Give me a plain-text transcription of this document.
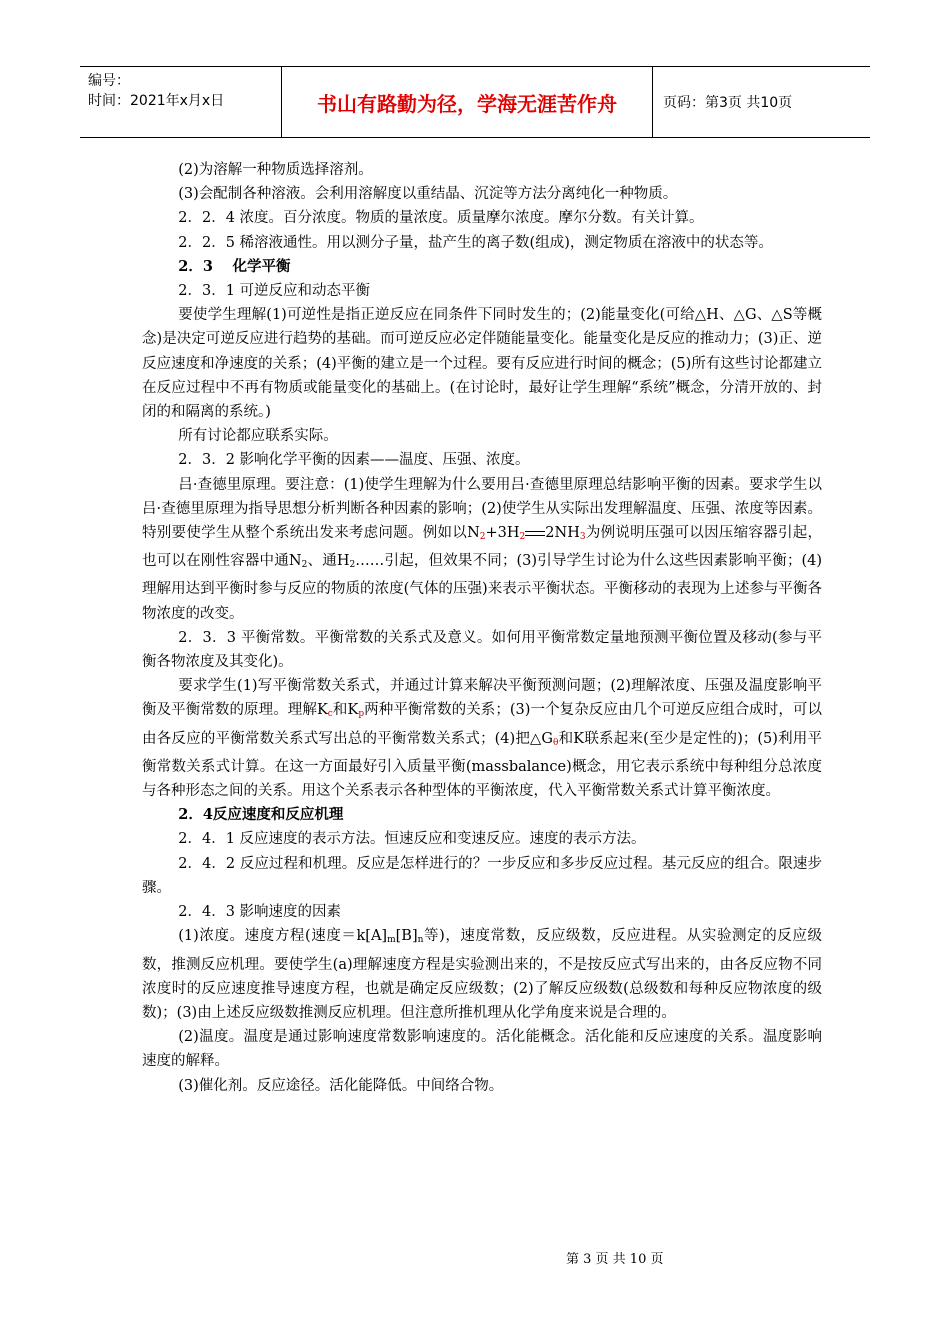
编号：
时间：2021年x月x日	书山有路勤为径，学海无涯苦作舟	页码：第3页 共10页

(2)为溶解一种物质选择溶剂。

(3)会配制各种溶液。会利用溶解度以重结晶、沉淀等方法分离纯化一种物质。

2．2．4 浓度。百分浓度。物质的量浓度。质量摩尔浓度。摩尔分数。有关计算。

2．2．5 稀溶液通性。用以测分子量，盐产生的离子数(组成)，测定物质在溶液中的状态等。

2．3　 化学平衡

2．3．1 可逆反应和动态平衡

要使学生理解(1)可逆性是指正逆反应在同条件下同时发生的；(2)能量变化(可给△H、△G、△S等概念)是决定可逆反应进行趋势的基础。而可逆反应必定伴随能量变化。能量变化是反应的推动力；(3)正、逆反应速度和净速度的关系；(4)平衡的建立是一个过程。要有反应进行时间的概念；(5)所有这些讨论都建立在反应过程中不再有物质或能量变化的基础上。(在讨论时，最好让学生理解“系统”概念，分清开放的、封闭的和隔离的系统。)

所有讨论都应联系实际。

2．3．2 影响化学平衡的因素——温度、压强、浓度。

吕·查德里原理。要注意：(1)使学生理解为什么要用吕·查德里原理总结影响平衡的因素。要求学生以吕·查德里原理为指导思想分析判断各种因素的影响；(2)使学生从实际出发理解温度、压强、浓度等因素。特别要使学生从整个系统出发来考虑问题。例如以$N_2+3H_2$ $2NH_3$为例说明压强可以因压缩容器引起，也可以在刚性容器中通$N_2$、通$H_2\dots\dots$引起，但效果不同；(3)引导学生讨论为什么这些因素影响平衡；(4)理解用达到平衡时参与反应的物质的浓度(气体的压强)来表示平衡状态。平衡移动的表现为上述参与平衡各物浓度的改变。

2．3．3 平衡常数。平衡常数的关系式及意义。如何用平衡常数定量地预测平衡位置及移动(参与平衡各物浓度及其变化)。

要求学生(1)写平衡常数关系式，并通过计算来解决平衡预测问题；(2)理解浓度、压强及温度影响平衡及平衡常数的原理。理解$K_c$和$K_p$两种平衡常数的关系；(3)一个复杂反应由几个可逆反应组合成时，可以由各反应的平衡常数关系式写出总的平衡常数关系式；(4)把$\triangle G_\theta$和K联系起来(至少是定性的)；(5)利用平衡常数关系式计算。在这一方面最好引入质量平衡(massbalance)概念，用它表示系统中每种组分总浓度与各种形态之间的关系。用这个关系表示各种型体的平衡浓度，代入平衡常数关系式计算平衡浓度。

2．4反应速度和反应机理

2．4．1 反应速度的表示方法。恒速反应和变速反应。速度的表示方法。

2．4．2 反应过程和机理。反应是怎样进行的？一步反应和多步反应过程。基元反应的组合。限速步骤。

2．4．3 影响速度的因素

(1)浓度。速度方程(速度$=k[A]_m[B]_n$等)，速度常数，反应级数，反应进程。从实验测定的反应级数，推测反应机理。要使学生(a)理解速度方程是实验测出来的，不是按反应式写出来的，由各反应物不同浓度时的反应速度推导速度方程，也就是确定反应级数；(2)了解反应级数(总级数和每种反应物浓度的级数)；(3)由上述反应级数推测反应机理。但注意所推机理从化学角度来说是合理的。

(2)温度。温度是通过影响速度常数影响速度的。活化能概念。活化能和反应速度的关系。温度影响速度的解释。

(3)催化剂。反应途径。活化能降低。中间络合物。

第 3 页 共 10 页
